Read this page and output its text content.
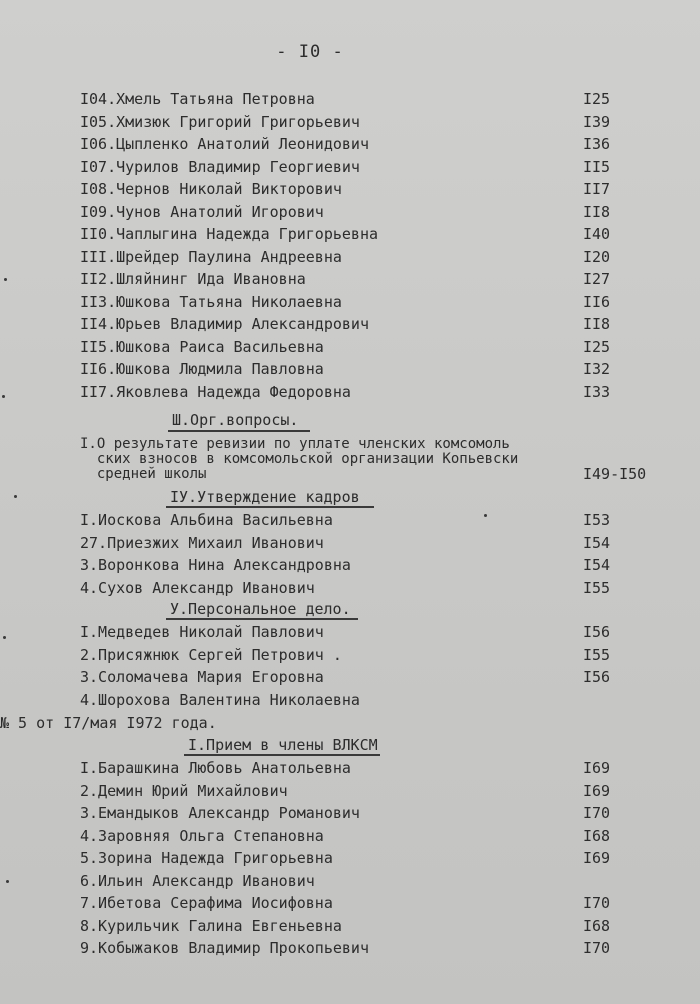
- I0 -
I04.Хмель Татьяна Петровна	I25
I05.Хмизюк Григорий Григорьевич	I39
I06.Цыпленко Анатолий Леонидович	I36
I07.Чурилов Владимир Георгиевич	II5
I08.Чернов Николай Викторович	II7
I09.Чунов Анатолий Игорович	II8
II0.Чаплыгина Надежда Григорьевна	I40
III.Шрейдер Паулина Андреевна	I20
II2.Шляйнинг Ида Ивановна	I27
II3.Юшкова Татьяна Николаевна	II6
II4.Юрьев Владимир Александрович	II8
II5.Юшкова Раиса Васильевна	I25
II6.Юшкова Людмила Павловна	I32
II7.Яковлева Надежда Федоровна	I33
Ш.Орг.вопросы.
I.О результате ревизии по уплате членских комсомоль
ских взносов в комсомольской организации Копьевски
средней школы	I49-I50
IУ.Утверждение кадров
I.Иоскова Альбина Васильевна	I53
27.Приезжих Михаил Иванович	I54
3.Воронкова Нина Александровна	I54
4.Сухов Александр Иванович	I55
У.Персональное дело.
I.Медведев Николай Павлович	I56
2.Присяжнюк Сергей Петрович .	I55
3.Соломачева Мария Егоровна	I56
4.Шорохова Валентина Николаевна
№ 5 от I7/мая I972 года.
I.Прием в члены ВЛКСМ
I.Барашкина Любовь Анатольевна	I69
2.Демин Юрий Михайлович	I69
3.Емандыков Александр Романович	I70
4.Заровняя Ольга Степановна	I68
5.Зорина Надежда Григорьевна	I69
6.Ильин Александр Иванович
7.Ибетова Серафима Иосифовна	I70
8.Курильчик Галина Евгеньевна	I68
9.Кобыжаков Владимир Прокопьевич	I70
